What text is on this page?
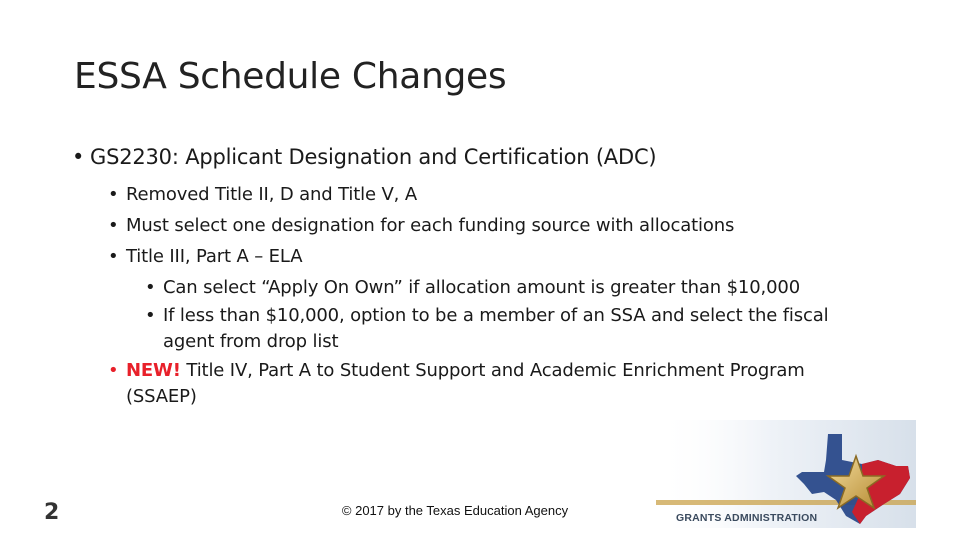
ESSA Schedule Changes
• GS2230: Applicant Designation and Certification (ADC)
• Removed Title II, D and Title V, A
• Must select one designation for each funding source with allocations
• Title III, Part A – ELA
• Can select “Apply On Own” if allocation amount is greater than $10,000
• If less than $10,000, option to be a member of an SSA and select the fiscal
agent from drop list
• NEW! Title IV, Part A to Student Support and Academic Enrichment Program
(SSAEP)
2	© 2017 by the Texas Education Agency	GRANTS ADMINISTRATION
